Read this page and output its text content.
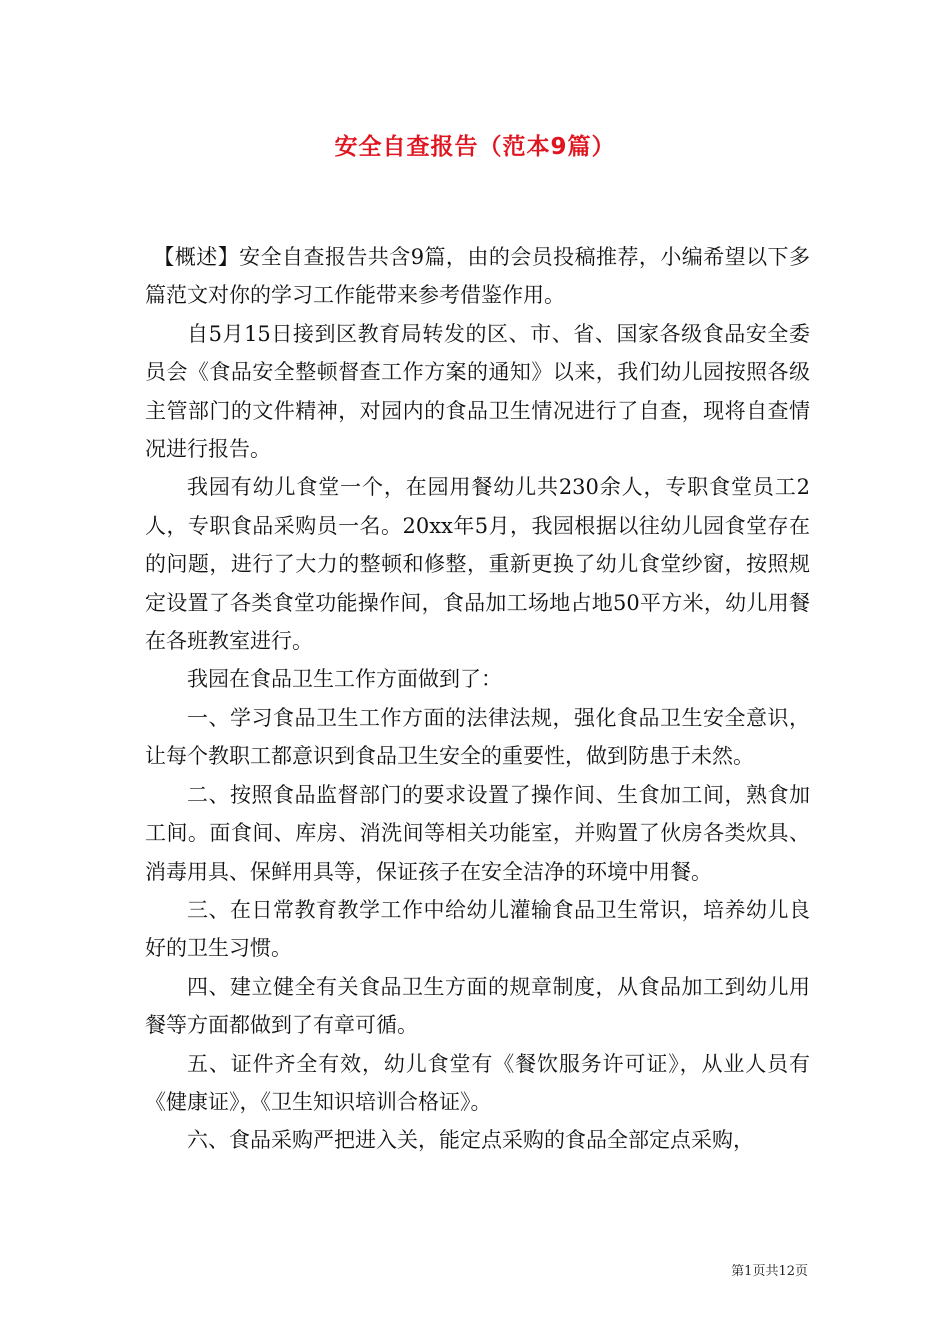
安全自查报告（范本9篇）

【概述】安全自查报告共含9篇，由的会员投稿推荐，小编希望以下多篇范文对你的学习工作能带来参考借鉴作用。

自5月15日接到区教育局转发的区、市、省、国家各级食品安全委员会《食品安全整顿督查工作方案的通知》以来，我们幼儿园按照各级主管部门的文件精神，对园内的食品卫生情况进行了自查，现将自查情况进行报告。

我园有幼儿食堂一个，在园用餐幼儿共230余人，专职食堂员工2人，专职食品采购员一名。20xx年5月，我园根据以往幼儿园食堂存在的问题，进行了大力的整顿和修整，重新更换了幼儿食堂纱窗，按照规定设置了各类食堂功能操作间，食品加工场地占地50平方米，幼儿用餐在各班教室进行。

我园在食品卫生工作方面做到了：

一、学习食品卫生工作方面的法律法规，强化食品卫生安全意识，让每个教职工都意识到食品卫生安全的重要性，做到防患于未然。

二、按照食品监督部门的要求设置了操作间、生食加工间，熟食加工间。面食间、库房、消洗间等相关功能室，并购置了伙房各类炊具、消毒用具、保鲜用具等，保证孩子在安全洁净的环境中用餐。

三、在日常教育教学工作中给幼儿灌输食品卫生常识，培养幼儿良好的卫生习惯。

四、建立健全有关食品卫生方面的规章制度，从食品加工到幼儿用餐等方面都做到了有章可循。

五、证件齐全有效，幼儿食堂有《餐饮服务许可证》，从业人员有《健康证》，《卫生知识培训合格证》。

六、食品采购严把进入关，能定点采购的食品全部定点采购，

第1页共12页
